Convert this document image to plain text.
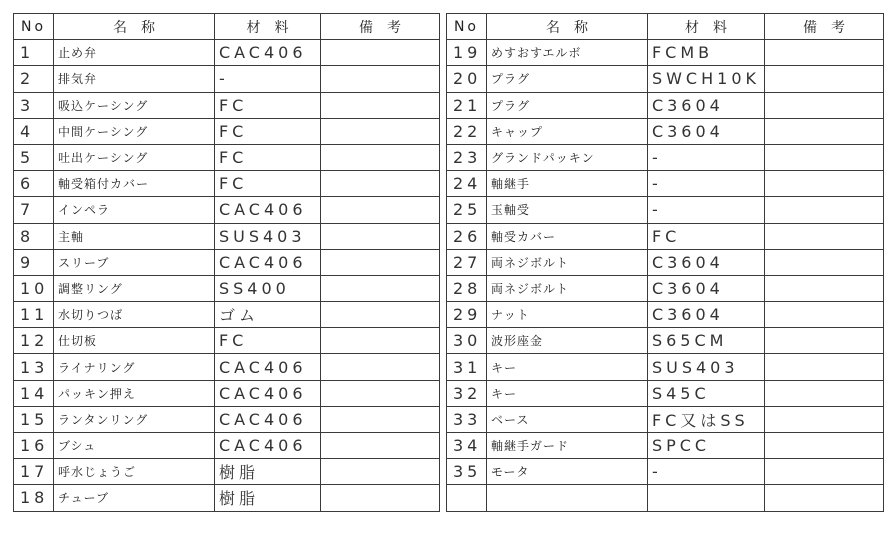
No	名　称	材　料	備　考
1	止め弁	CAC406	
2	排気弁	-	
3	吸込ケーシング	FC	
4	中間ケーシング	FC	
5	吐出ケーシング	FC	
6	軸受箱付カバー	FC	
7	インペラ	CAC406	
8	主軸	SUS403	
9	スリーブ	CAC406	
10	調整リング	SS400	
11	水切りつば	ゴム	
12	仕切板	FC	
13	ライナリング	CAC406	
14	パッキン押え	CAC406	
15	ランタンリング	CAC406	
16	ブシュ	CAC406	
17	呼水じょうご	樹脂	
18	チューブ	樹脂	
No	名　称	材　料	備　考
19	めすおすエルボ	FCMB	
20	プラグ	SWCH10K	
21	プラグ	C3604	
22	キャップ	C3604	
23	グランドパッキン	-	
24	軸継手	-	
25	玉軸受	-	
26	軸受カバー	FC	
27	両ネジボルト	C3604	
28	両ネジボルト	C3604	
29	ナット	C3604	
30	波形座金	S65CM	
31	キー	SUS403	
32	キー	S45C	
33	ベース	FC又はSS	
34	軸継手ガード	SPCC	
35	モータ	-	
